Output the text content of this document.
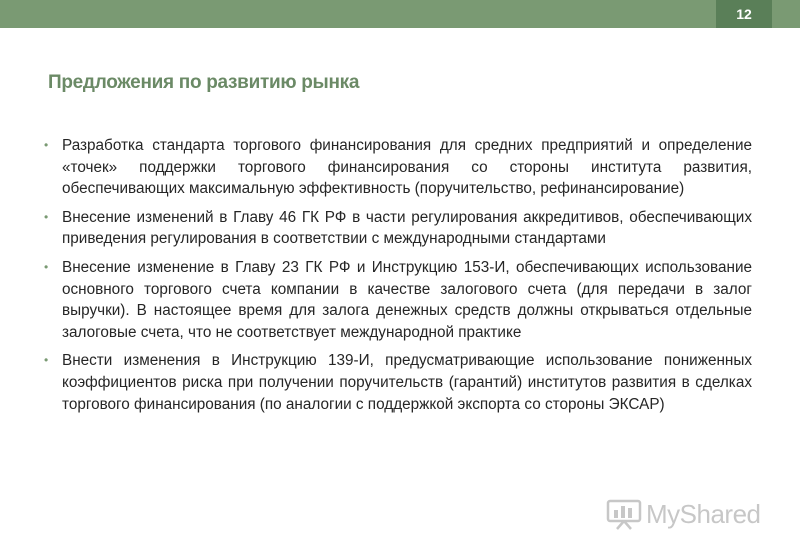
12
Предложения по развитию рынка
• Разработка стандарта торгового финансирования для средних предприятий и определение «точек» поддержки торгового финансирования со стороны института развития, обеспечивающих максимальную эффективность (поручительство, рефинансирование)
• Внесение изменений в Главу 46 ГК РФ в части регулирования аккредитивов, обеспечивающих приведения регулирования в соответствии с международными стандартами
• Внесение изменение в Главу 23 ГК РФ и Инструкцию 153-И, обеспечивающих использование основного торгового счета компании в качестве залогового счета (для передачи в залог выручки). В настоящее время для залога денежных средств должны открываться отдельные залоговые счета, что не соответствует международной практике
• Внести изменения в Инструкцию 139-И, предусматривающие использование пониженных коэффициентов риска при получении поручительств (гарантий) институтов развития в сделках торгового финансирования (по аналогии с поддержкой экспорта со стороны ЭКСАР)
MyShared
